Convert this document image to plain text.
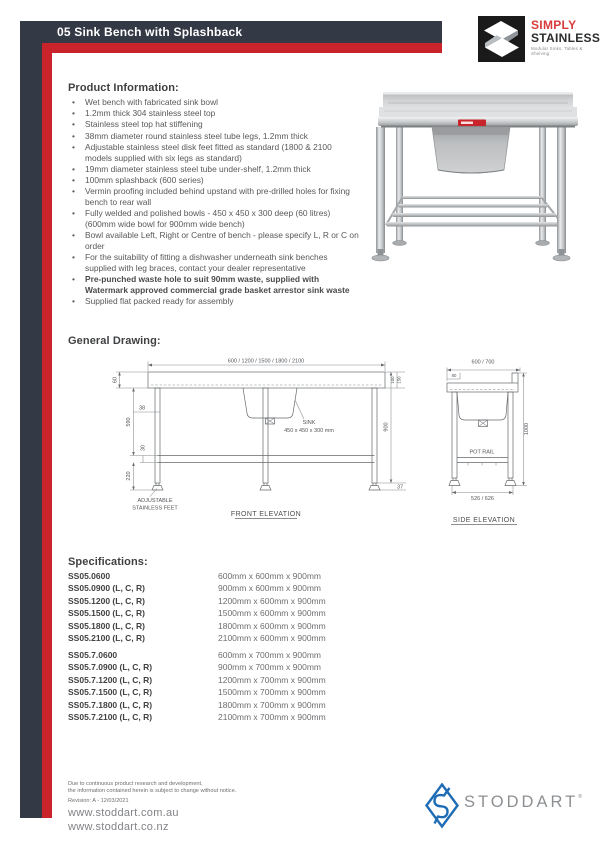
05 Sink Bench with Splashback	SIMPLY
STAINLESS
Modular Sinks, Tables & Shelving
Product Information:
•	Wet bench with fabricated sink bowl
•	1.2mm thick 304 stainless steel top
•	Stainless steel top hat stiffening
•	38mm diameter round stainless steel tube legs, 1.2mm thick
•	Adjustable stainless steel disk feet fitted as standard (1800 & 2100 models supplied with six legs as standard)
•	19mm diameter stainless steel tube under-shelf, 1.2mm thick
•	100mm splashback (600 series)
•	Vermin proofing included behind upstand with pre-drilled holes for fixing bench to rear wall
•	Fully welded and polished bowls - 450 x 450 x 300 deep (60 litres) (600mm wide bowl for 900mm wide bench)
•	Bowl available Left, Right or Centre of bench - please specify L, R or C on order
•	For the suitability of fitting a dishwasher underneath sink benches supplied with leg braces, contact your dealer representative
•	Pre-punched waste hole to suit 90mm waste, supplied with Watermark approved commercial grade basket arrestor sink waste
•	Supplied flat packed ready for assembly
General Drawing:
SINK
450 x 450 x 300 mm
600 / 1200 / 1500 / 1800 / 2100
60
38
590
30
220
100 150
900
37
ADJUSTABLE
STAINLESS FEET
FRONT ELEVATION
POT RAIL
600 / 700
80
1000
526 / 626
SIDE ELEVATION
Specifications:
SS05.0600	600mm x 600mm x 900mm
SS05.0900 (L, C, R)	900mm x 600mm x 900mm
SS05.1200 (L, C, R)	1200mm x 600mm x 900mm
SS05.1500 (L, C, R)	1500mm x 600mm x 900mm
SS05.1800 (L, C, R)	1800mm x 600mm x 900mm
SS05.2100 (L, C, R)	2100mm x 600mm x 900mm
SS05.7.0600	600mm x 700mm x 900mm
SS05.7.0900 (L, C, R)	900mm x 700mm x 900mm
SS05.7.1200 (L, C, R)	1200mm x 700mm x 900mm
SS05.7.1500 (L, C, R)	1500mm x 700mm x 900mm
SS05.7.1800 (L, C, R)	1800mm x 700mm x 900mm
SS05.7.2100 (L, C, R)	2100mm x 700mm x 900mm
Due to continuous product research and development,
the information contained herein is subject to change without notice.
Revision: A - 12/03/2021
www.stoddart.com.au
www.stoddart.co.nz
STODDART®
